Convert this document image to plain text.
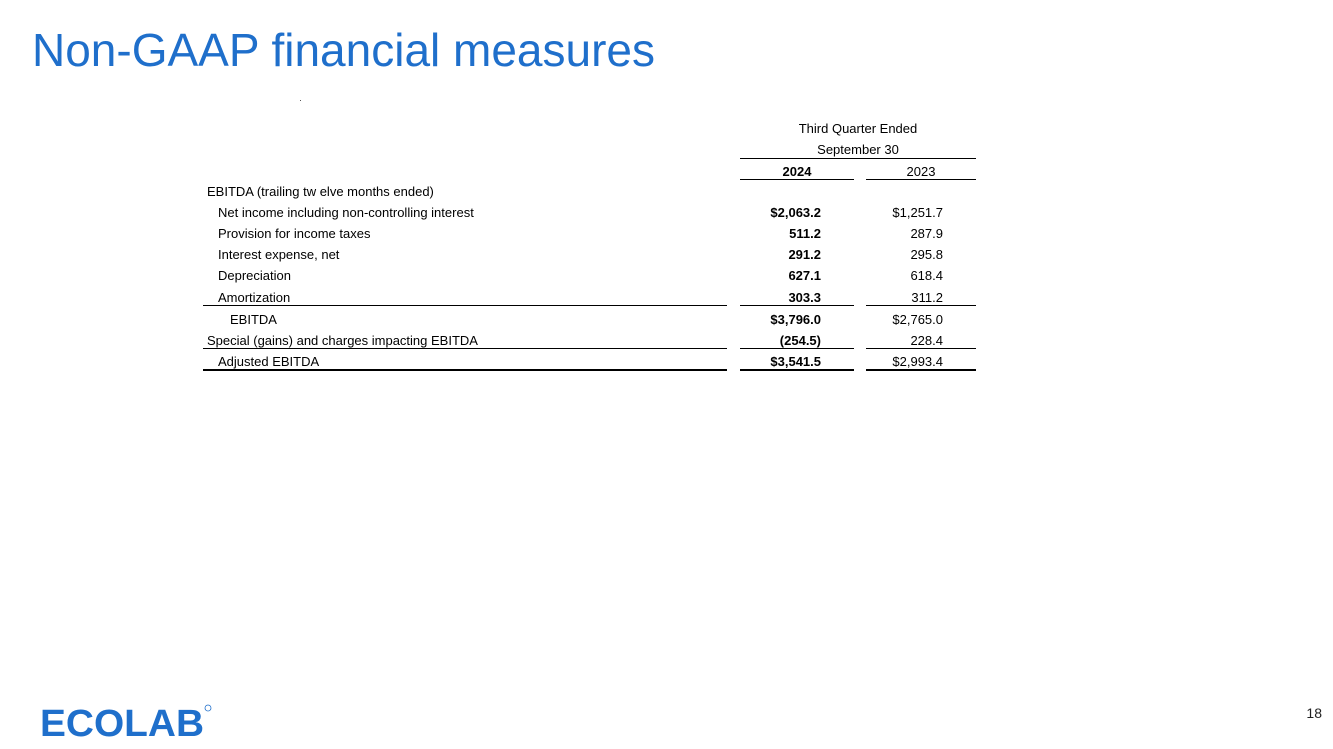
Non-GAAP financial measures
Third Quarter Ended
September 30
2024	2023
EBITDA (trailing tw elve months ended)
Net income including non-controlling interest	$2,063.2	$1,251.7
Provision for income taxes	511.2	287.9
Interest expense, net	291.2	295.8
Depreciation	627.1	618.4
Amortization	303.3	311.2
EBITDA	$3,796.0	$2,765.0
Special (gains) and charges impacting EBITDA	(254.5)	228.4
Adjusted EBITDA	$3,541.5	$2,993.4
ECOLAB	18
